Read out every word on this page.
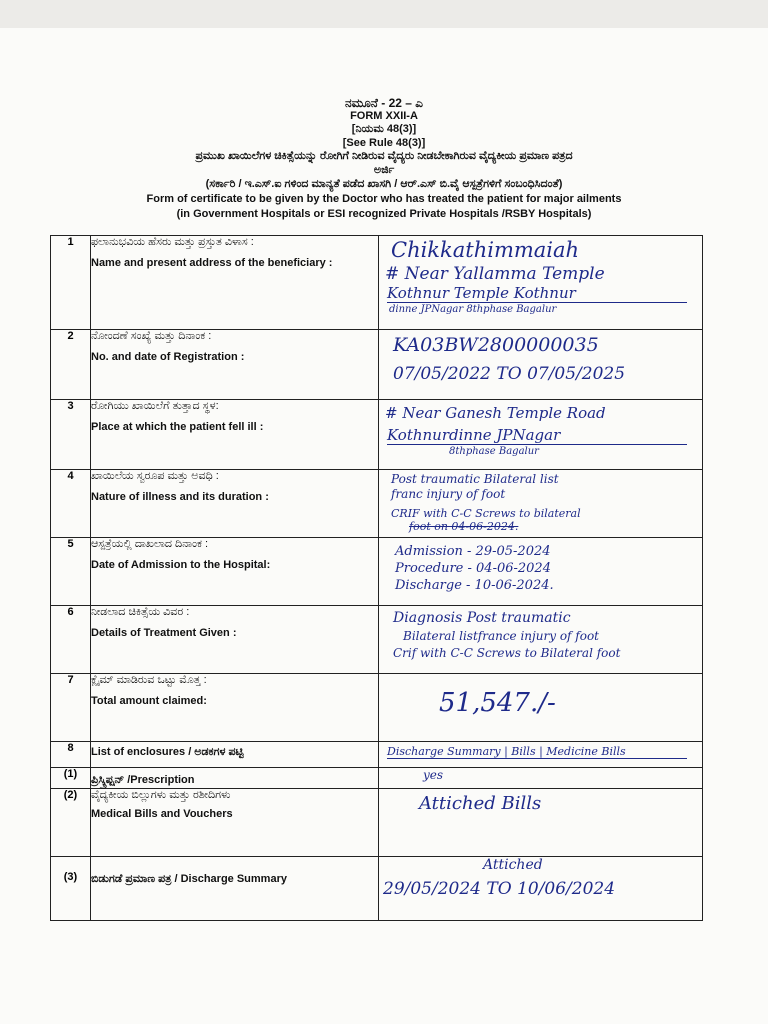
ನಮೂನೆ - 22 – ಎ
FORM XXII-A
[ನಿಯಮ 48(3)]
[See Rule 48(3)]
ಪ್ರಮುಖ ಖಾಯಿಲೆಗಳ ಚಿಕಿತ್ಸೆಯನ್ನು ರೋಗಿಗೆ ನೀಡಿರುವ ವೈದ್ಯರು ನೀಡಬೇಕಾಗಿರುವ ವೈದ್ಯಕೀಯ ಪ್ರಮಾಣ ಪತ್ರದ
ಅರ್ಜಿ
(ಸರ್ಕಾರಿ / ಇ.ಎಸ್.ಐ ಗಳಿಂದ ಮಾನ್ಯತೆ ಪಡೆದ ಖಾಸಗಿ / ಆರ್.ಎಸ್ ಬಿ.ವೈ ಆಸ್ಪತ್ರೆಗಳಿಗೆ ಸಂಬಂಧಿಸಿದಂತೆ)
Form of certificate to be given by the Doctor who has treated the patient for major ailments
(in Government Hospitals or ESI recognized Private Hospitals /RSBY Hospitals)
1	ಫಲಾನುಭವಿಯ ಹೆಸರು ಮತ್ತು ಪ್ರಸ್ತುತ ವಿಳಾಸ :
Name and present address of the beneficiary :	Chikkathimmaiah
# Near Yallamma Temple
Kothnur Temple Kothnur
dinne JPNagar 8thphase Bagalur

2	ನೋಂದಣೆ ಸಂಖ್ಯೆ ಮತ್ತು ದಿನಾಂಕ :
No. and date of Registration :	KA03BW2800000035
07/05/2022 TO 07/05/2025

3	ರೋಗಿಯು ಖಾಯಿಲೆಗೆ ತುತ್ತಾದ ಸ್ಥಳ:
Place at which the patient fell ill :	# Near Ganesh Temple Road
Kothnurdinne JPNagar
8thphase Bagalur

4	ಖಾಯಿಲೆಯ ಸ್ವರೂಪ ಮತ್ತು ಅವಧಿ :
Nature of illness and its duration :	Post traumatic Bilateral list
franc injury of foot
CRIF with C-C Screws to bilateral
foot on 04-06-2024.

5	ಆಸ್ಪತ್ರೆಯಲ್ಲಿ ದಾಖಲಾದ ದಿನಾಂಕ :
Date of Admission to the Hospital:	Admission - 29-05-2024
Procedure - 04-06-2024
Discharge - 10-06-2024.

6	ನೀಡಲಾದ ಚಿಕಿತ್ಸೆಯ ವಿವರ :
Details of Treatment Given :	Diagnosis Post traumatic
Bilateral listfrance injury of foot
Crif with C-C Screws to Bilateral foot

7	ಕ್ಲೈಮ್ ಮಾಡಿರುವ ಒಟ್ಟು ಮೊತ್ತ :
Total amount claimed:	51,547./-

8	List of enclosures / ಅಡಕಗಳ ಪಟ್ಟಿ	Discharge Summary | Bills | Medicine Bills

(1)	ಪ್ರಿಸ್ಕ್ರಿಪ್ಷನ್ /Prescription	yes

(2)	ವೈದ್ಯಕೀಯ ಬಿಲ್ಲುಗಳು ಮತ್ತು ರಶೀದಿಗಳು
Medical Bills and Vouchers	Attiched Bills

(3)	ಬಿಡುಗಡೆ ಪ್ರಮಾಣ ಪತ್ರ / Discharge Summary	Attiched
29/05/2024 TO 10/06/2024
